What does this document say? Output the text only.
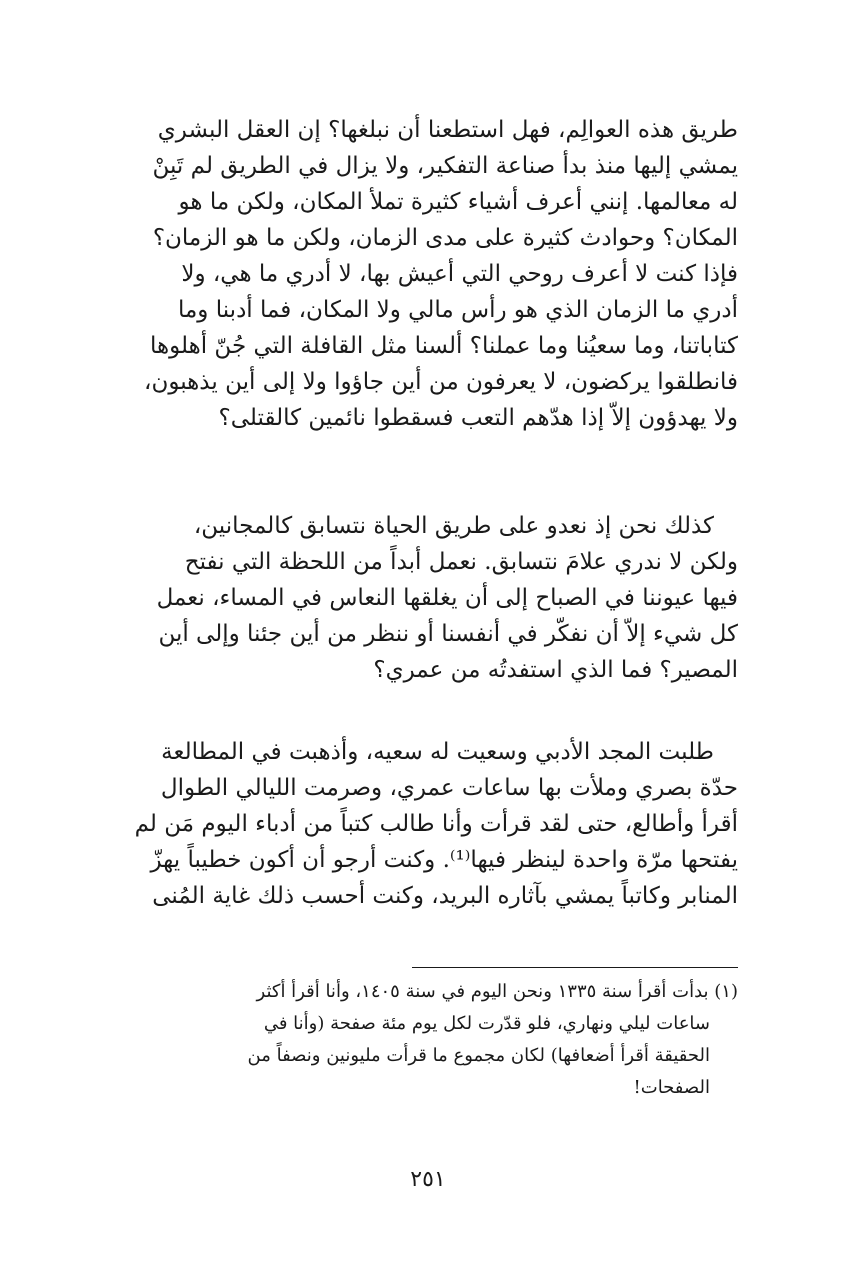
طريق هذه العوالِم، فهل استطعنا أن نبلغها؟ إن العقل البشري
يمشي إليها منذ بدأ صناعة التفكير، ولا يزال في الطريق لم تَبِنْ
له معالمها. إنني أعرف أشياء كثيرة تملأ المكان، ولكن ما هو
المكان؟ وحوادث كثيرة على مدى الزمان، ولكن ما هو الزمان؟
فإذا كنت لا أعرف روحي التي أعيش بها، لا أدري ما هي، ولا
أدري ما الزمان الذي هو رأس مالي ولا المكان، فما أدبنا وما
كتاباتنا، وما سعيُنا وما عملنا؟ ألسنا مثل القافلة التي جُنّ أهلوها
فانطلقوا يركضون، لا يعرفون من أين جاؤوا ولا إلى أين يذهبون،
ولا يهدؤون إلاّ إذا هدّهم التعب فسقطوا نائمين كالقتلى؟
كذلك نحن إذ نعدو على طريق الحياة نتسابق كالمجانين،
ولكن لا ندري علامَ نتسابق. نعمل أبداً من اللحظة التي نفتح
فيها عيوننا في الصباح إلى أن يغلقها النعاس في المساء، نعمل
كل شيء إلاّ أن نفكّر في أنفسنا أو ننظر من أين جئنا وإلى أين
المصير؟ فما الذي استفدتُه من عمري؟
طلبت المجد الأدبي وسعيت له سعيه، وأذهبت في المطالعة
حدّة بصري وملأت بها ساعات عمري، وصرمت الليالي الطوال
أقرأ وأطالع، حتى لقد قرأت وأنا طالب كتباً من أدباء اليوم مَن لم
يفتحها مرّة واحدة لينظر فيها⁽¹⁾. وكنت أرجو أن أكون خطيباً يهزّ
المنابر وكاتباً يمشي بآثاره البريد، وكنت أحسب ذلك غاية المُنى
(١) بدأت أقرأ سنة ١٣٣٥ ونحن اليوم في سنة ١٤٠٥، وأنا أقرأ أكثر
ساعات ليلي ونهاري، فلو قدّرت لكل يوم مئة صفحة (وأنا في
الحقيقة أقرأ أضعافها) لكان مجموع ما قرأت مليونين ونصفاً من
الصفحات!
٢٥١
